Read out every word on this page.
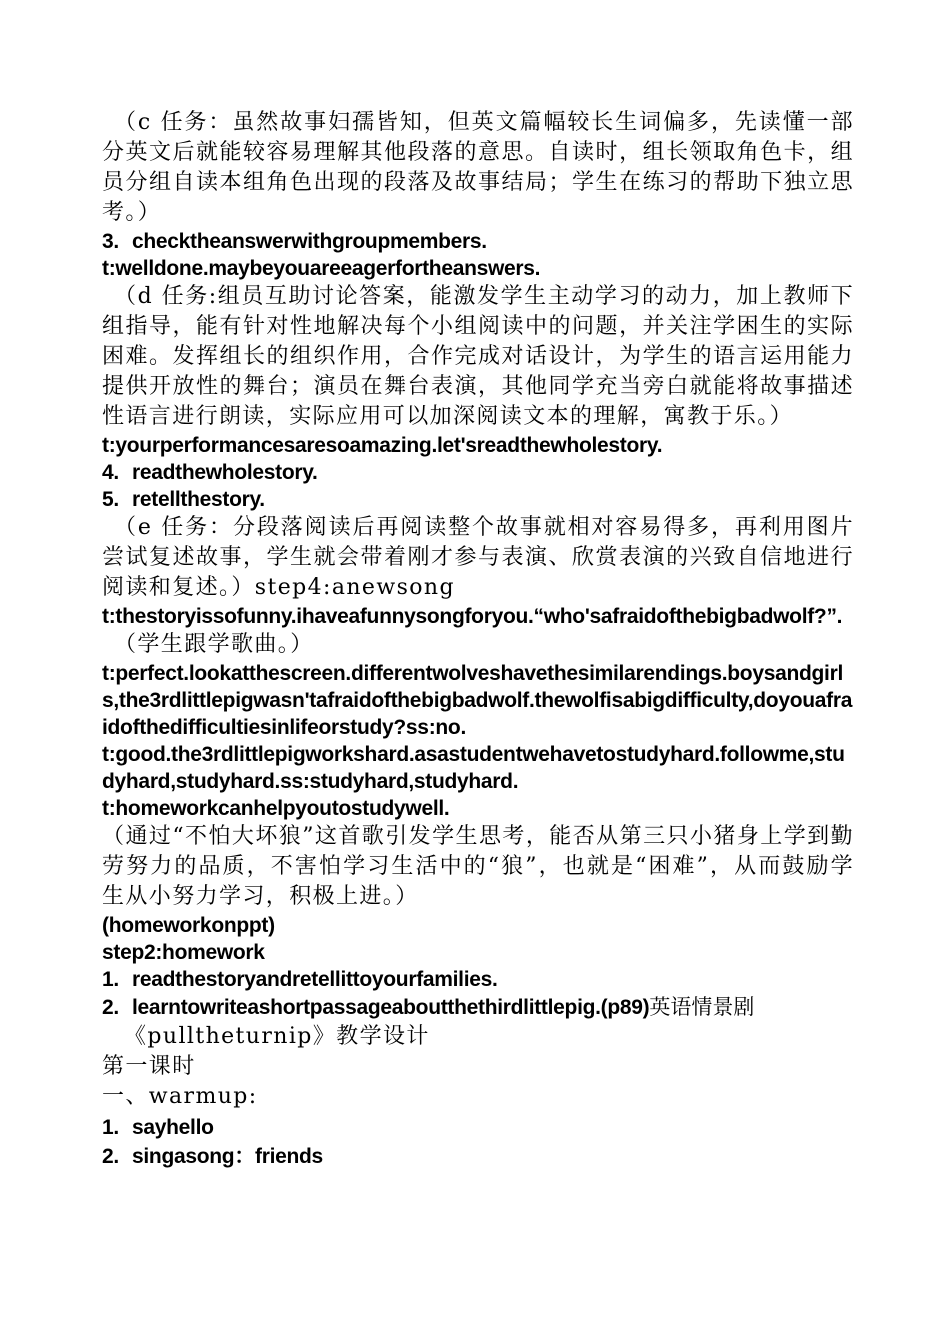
（c 任务：虽然故事妇孺皆知，但英文篇幅较长生词偏多，先读懂一部分英文后就能较容易理解其他段落的意思。自读时，组长领取角色卡，组员分组自读本组角色出现的段落及故事结局；学生在练习的帮助下独立思考。）

3. checktheanswerwithgroupmembers.

t:welldone.maybeyouareeagerfortheanswers.

（d 任务:组员互助讨论答案，能激发学生主动学习的动力，加上教师下组指导，能有针对性地解决每个小组阅读中的问题，并关注学困生的实际困难。发挥组长的组织作用，合作完成对话设计，为学生的语言运用能力提供开放性的舞台；演员在舞台表演，其他同学充当旁白就能将故事描述性语言进行朗读，实际应用可以加深阅读文本的理解，寓教于乐。）

t:yourperformancesaresoamazing.let'sreadthewholestory.

4. readthewholestory.

5. retellthestory.

（e 任务：分段落阅读后再阅读整个故事就相对容易得多，再利用图片尝试复述故事，学生就会带着刚才参与表演、欣赏表演的兴致自信地进行阅读和复述。）step4:anewsong

t:thestoryissofunny.ihaveafunnysongforyou.“who'safraidofthebigbadwolf?”.

（学生跟学歌曲。）

t:perfect.lookatthescreen.differentwolveshavethesimilarendings.boysandgirls,the3rdlittlepigwasn'tafraidofthebigbadwolf.thewolfisabigdifficulty,doyouafraidofthedifficultiesinlifeorstudy?ss:no.

t:good.the3rdlittlepigworkshard.asastudentwehavetostudyhard.followme,studyhard,studyhard.ss:studyhard,studyhard.

t:homeworkcanhelpyoutostudywell.

（通过“不怕大坏狼”这首歌引发学生思考，能否从第三只小猪身上学到勤劳努力的品质，不害怕学习生活中的“狼”，也就是“困难”，从而鼓励学生从小努力学习，积极上进。）

(homeworkonppt)

step2:homework

1. readthestoryandretellittoyourfamilies.

2. learntowriteashortpassageaboutthethirdlittlepig.(p89)英语情景剧

《pulltheturnip》教学设计

第一课时

一、warmup:

1. sayhello

2. singasong：friends
